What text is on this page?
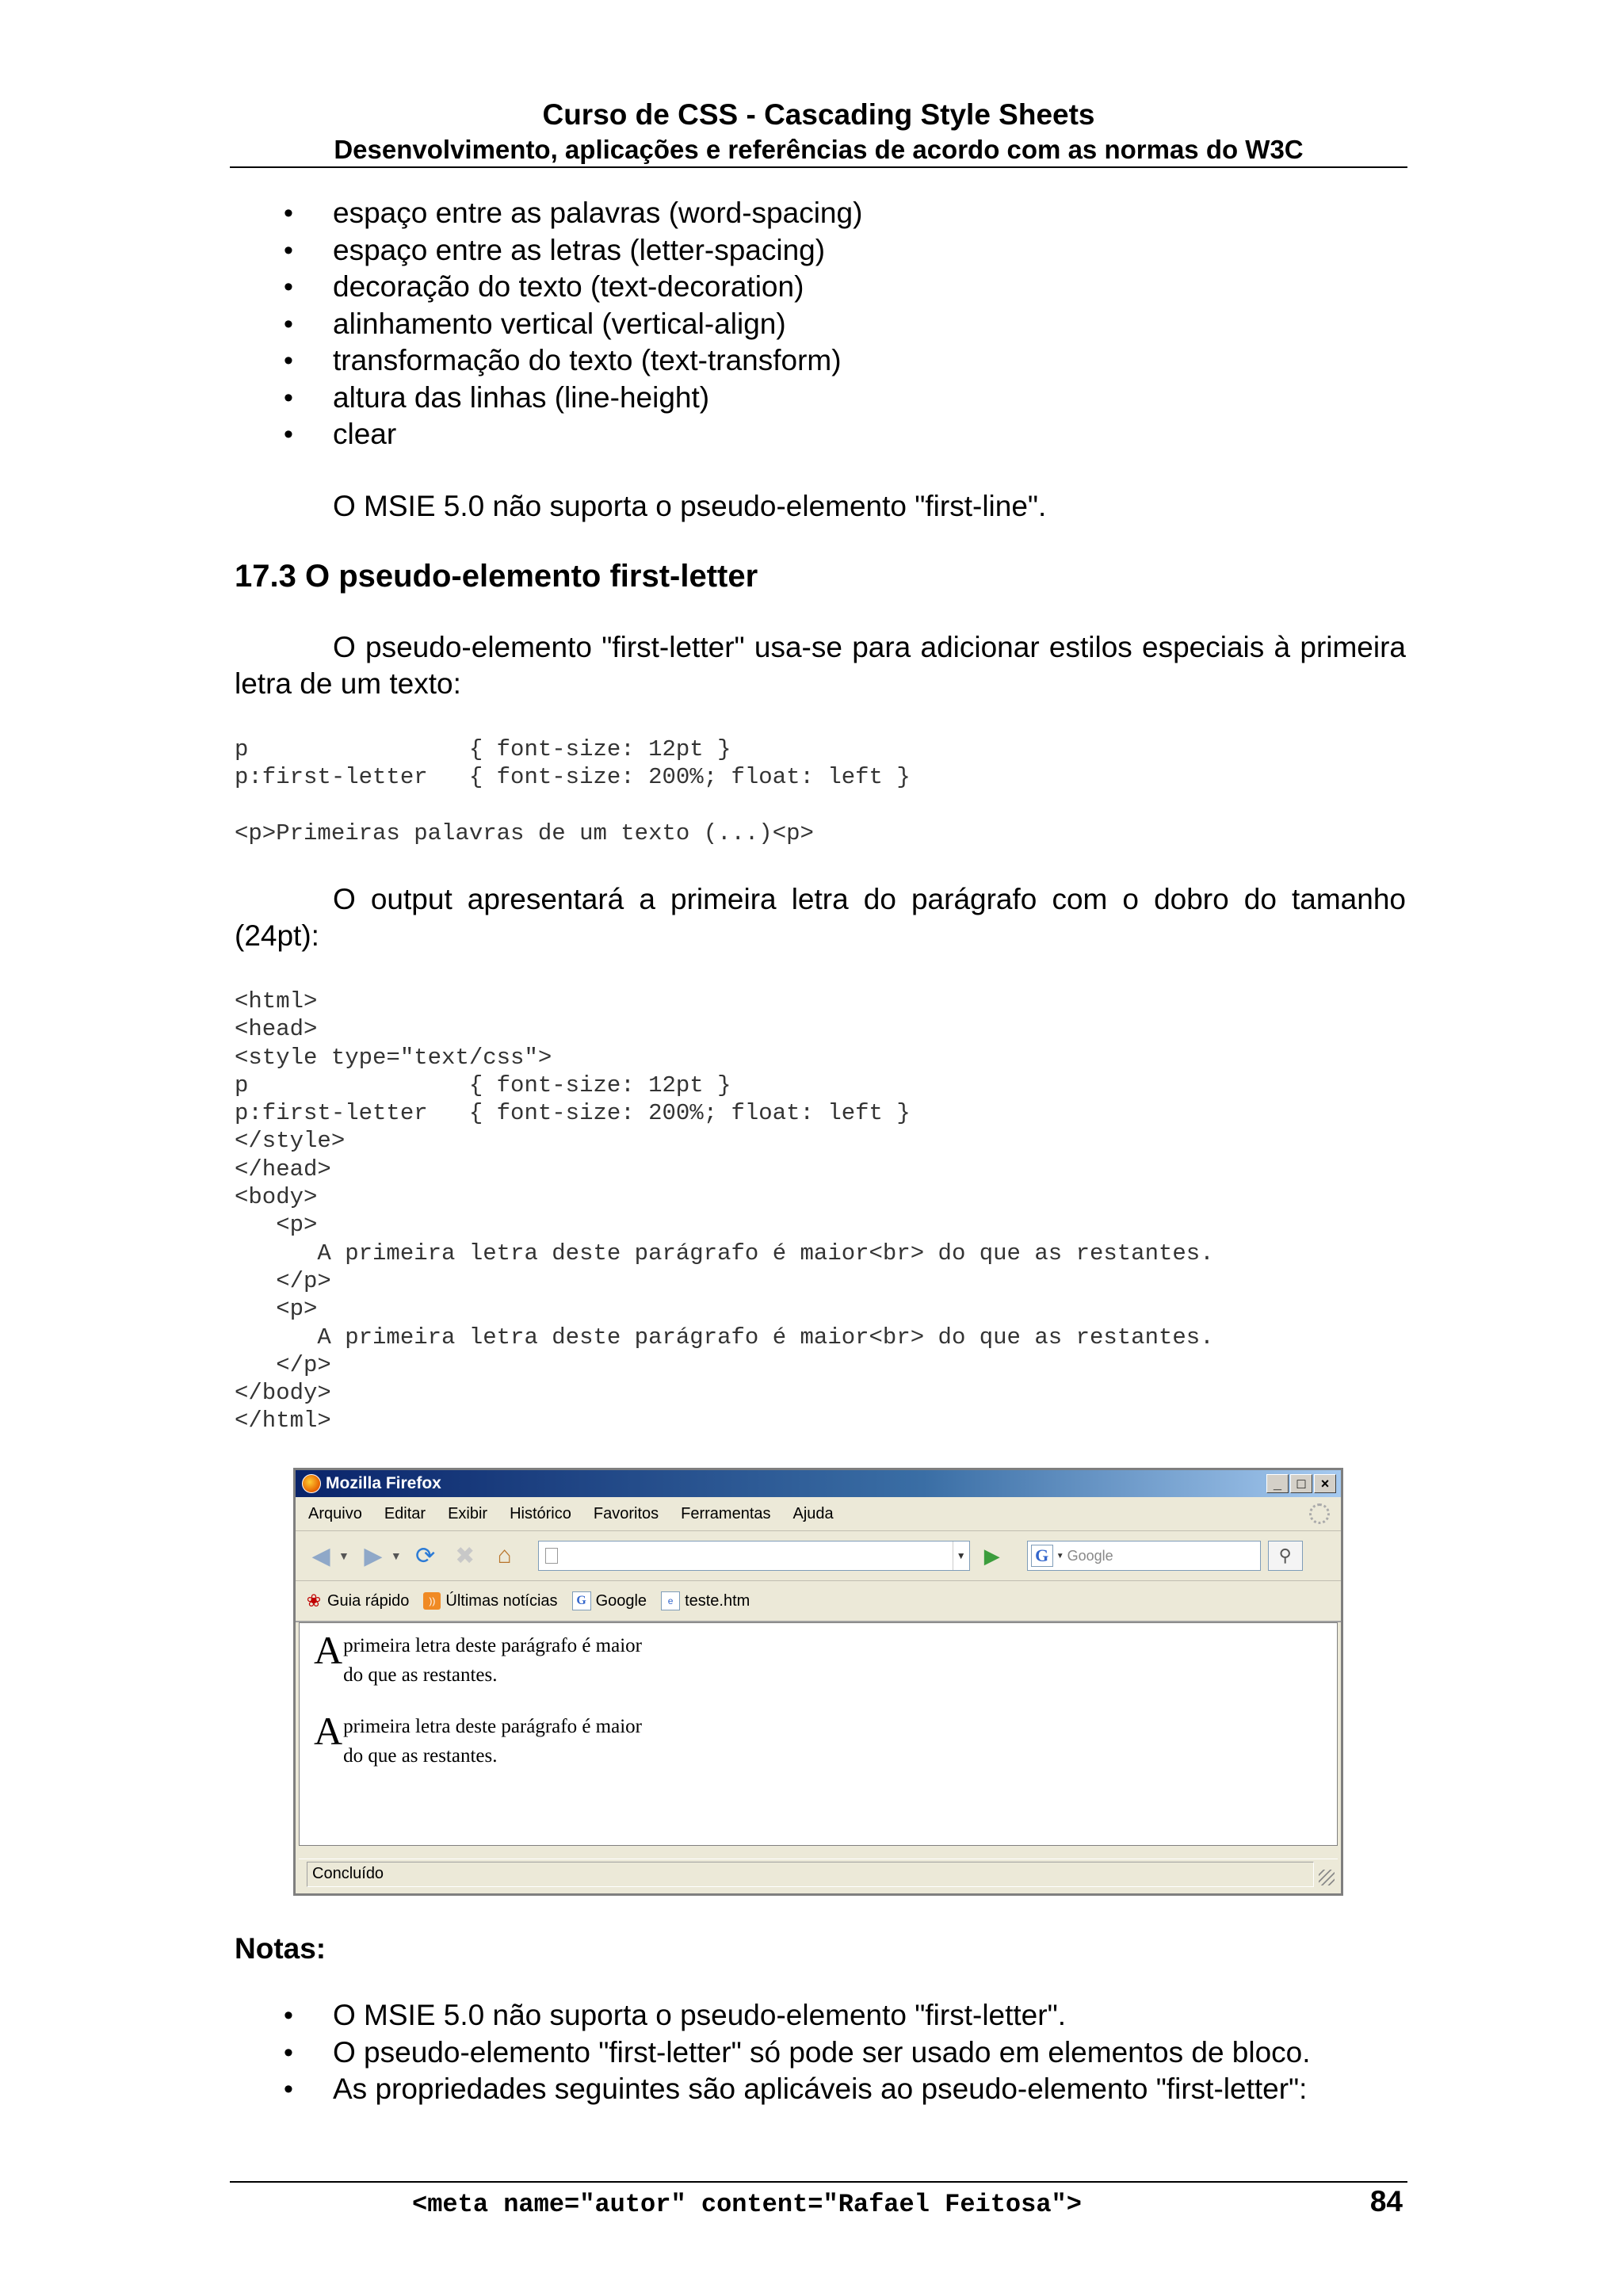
Curso de CSS - Cascading Style Sheets
Desenvolvimento, aplicações e referências de acordo com as normas do W3C
• espaço entre as palavras (word-spacing)
• espaço entre as letras (letter-spacing)
• decoração do texto (text-decoration)
• alinhamento vertical (vertical-align)
• transformação do texto (text-transform)
• altura das linhas (line-height)
• clear
O MSIE 5.0 não suporta o pseudo-elemento "first-line".
17.3 O pseudo-elemento first-letter
O pseudo-elemento "first-letter" usa-se para adicionar estilos especiais à primeira letra de um texto:
p                { font-size: 12pt }
p:first-letter   { font-size: 200%; float: left }
<p>Primeiras palavras de um texto (...)<p>
O output apresentará a primeira letra do parágrafo com o dobro do tamanho (24pt):
<html>
<head>
<style type="text/css">
p                { font-size: 12pt }
p:first-letter   { font-size: 200%; float: left }
</style>
</head>
<body>
<p>
A primeira letra deste parágrafo é maior<br> do que as restantes.
</p>
<p>
A primeira letra deste parágrafo é maior<br> do que as restantes.
</p>
</body>
</html>
Mozilla Firefox	_	□	×
Arquivo Editar Exibir Histórico Favoritos Ferramentas Ajuda
◀ ▼ ▶ ▼ ⟳ ✖ ⌂	▼ ▶	G ▼ Google	⚲
❀ Guia rápido	)) Últimas notícias	G Google	e teste.htm
A primeira letra deste parágrafo é maior
do que as restantes.
A primeira letra deste parágrafo é maior
do que as restantes.
Concluído
Notas:
• O MSIE 5.0 não suporta o pseudo-elemento "first-letter".
• O pseudo-elemento "first-letter" só pode ser usado em elementos de bloco.
• As propriedades seguintes são aplicáveis ao pseudo-elemento "first-letter":
<meta name="autor" content="Rafael Feitosa">	84
